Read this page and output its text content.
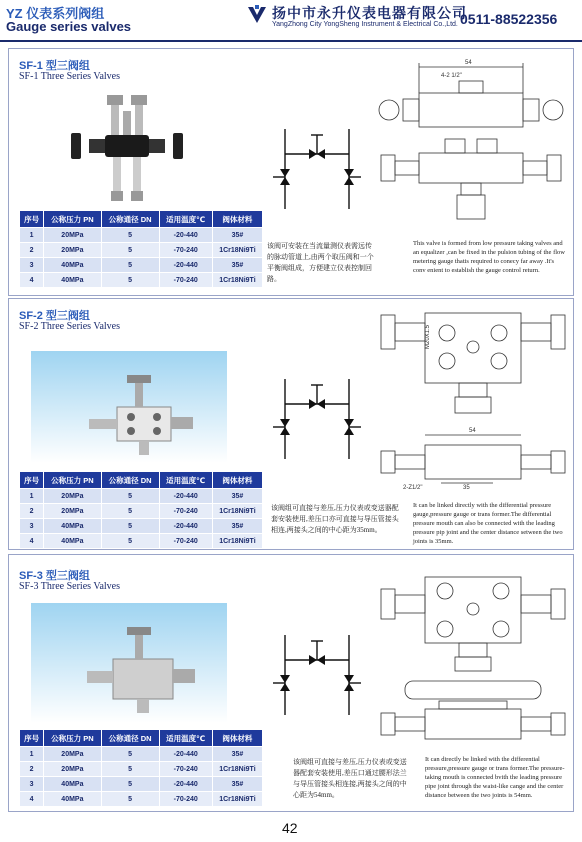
YZ 仪表系列阀组
Gauge series valves
扬中市永升仪表电器有限公司
YangZhong City YongSheng Instrument & Electrical Co.,Ltd. 0511-88522356
SF-1 型三阀组
SF-1 Three Series Valves
序号	公称压力 PN	公称通径 DN	适用温度℃	阀体材料
1	20MPa	5	-20-440	35#
2	20MPa	5	-70-240	1Cr18Ni9Ti
3	40MPa	5	-20-440	35#
4	40MPa	5	-70-240	1Cr18Ni9Ti
该阀可安装在当流量测仪表需远传的脉动管道上,由两个取压阀和一个平衡阀组成，方便建立仪表控制回路。
54
4-2 1/2"
This valve is formed from low pressure taking valves and an equalizer ,can be fixed in the pulsion tubing of the flow metering gauge thatis required to conecy far away .It's conv enient to establish the gauge control return.
SF-2 型三阀组
SF-2 Three Series Valves
序号	公称压力 PN	公称通径 DN	适用温度℃	阀体材料
1	20MPa	5	-20-440	35#
2	20MPa	5	-70-240	1Cr18Ni9Ti
3	40MPa	5	-20-440	35#
4	40MPa	5	-70-240	1Cr18Ni9Ti
该阀组可直接与差压,压力仪表或变送器配套安装使用,差压口亦可直接与导压管接头相连,两接头之间的中心距为35mm。
54
M20X1.5
2-Z1/2"	35
It can be linked directly with the differential pressure gauge,pressure gauge or trans former.The differential pressure mouth can also be connected with the leading pressure pip joint and the center distance setween the two joints is 35mm.
SF-3 型三阀组
SF-3 Three Series Valves
序号	公称压力 PN	公称通径 DN	适用温度℃	阀体材料
1	20MPa	5	-20-440	35#
2	20MPa	5	-70-240	1Cr18Ni9Ti
3	40MPa	5	-20-440	35#
4	40MPa	5	-70-240	1Cr18Ni9Ti
该阀组可直接与差压,压力仪表或变送器配套安装使用,差压口通过腰形法兰与导压管接头相连接,两接头之间的中心距为54mm。
It can directly be linked with the differential pressure,pressure gauge or trans former.The pressure-taking mouth is connected bvith the leading pressure pipe joint through the waist-like cange and the center distance between the two joints is 54mm.
42
